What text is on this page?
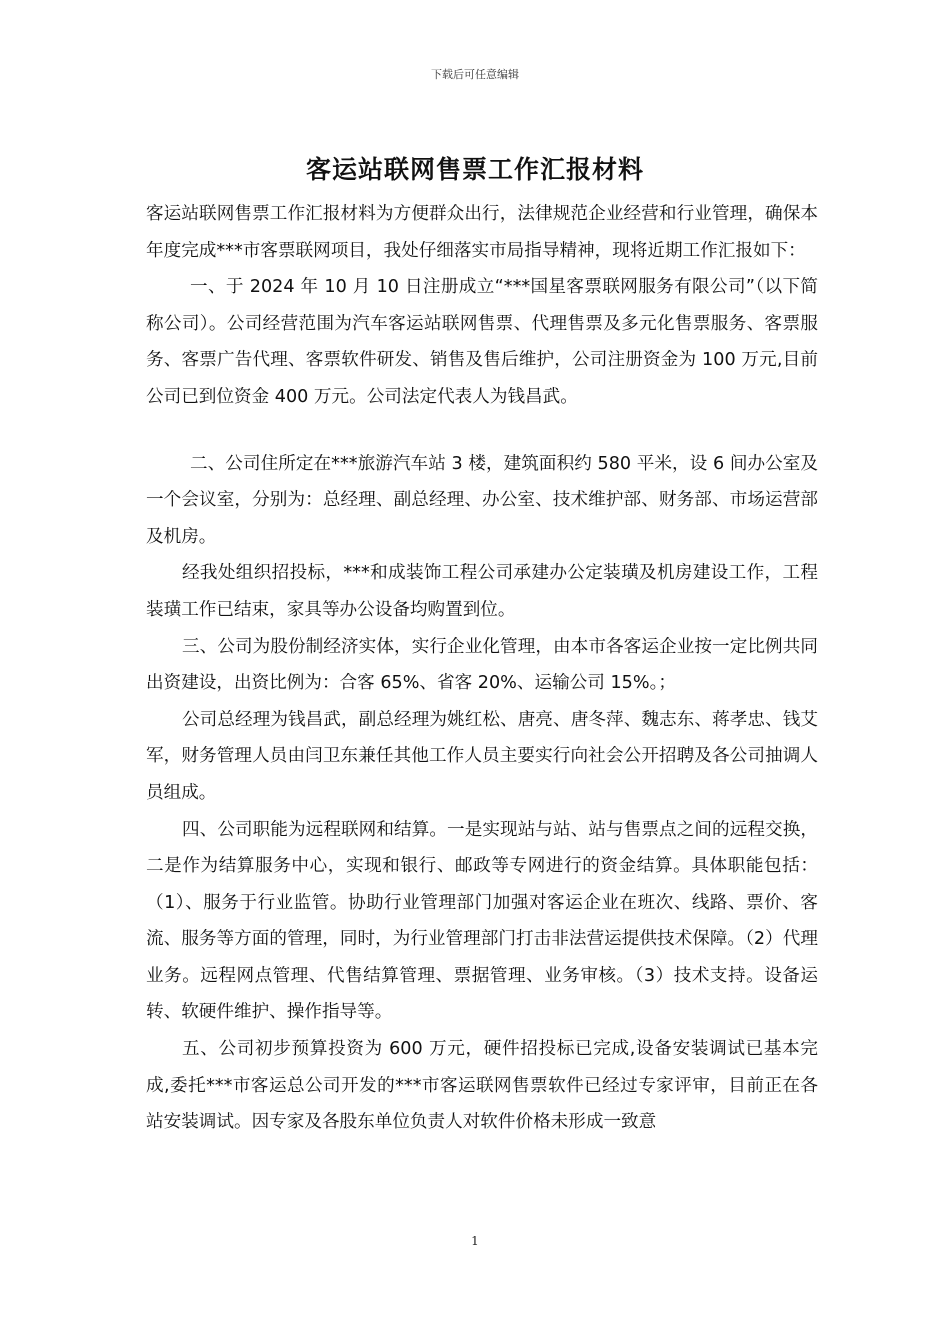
下载后可任意编辑
客运站联网售票工作汇报材料

客运站联网售票工作汇报材料为方便群众出行，法律规范企业经营和行业管理，确保本年度完成***市客票联网项目，我处仔细落实市局指导精神，现将近期工作汇报如下：

一、于 2024 年 10 月 10 日注册成立“***国星客票联网服务有限公司”（以下简称公司）。公司经营范围为汽车客运站联网售票、代理售票及多元化售票服务、客票服务、客票广告代理、客票软件研发、销售及售后维护，公司注册资金为 100 万元,目前公司已到位资金 400 万元。公司法定代表人为钱昌武。

二、公司住所定在***旅游汽车站 3 楼，建筑面积约 580 平米，设 6 间办公室及一个会议室，分别为：总经理、副总经理、办公室、技术维护部、财务部、市场运营部及机房。

经我处组织招投标，***和成装饰工程公司承建办公定装璜及机房建设工作，工程装璜工作已结束，家具等办公设备均购置到位。

三、公司为股份制经济实体，实行企业化管理，由本市各客运企业按一定比例共同出资建设，出资比例为：合客 65%、省客 20%、运输公司 15%。；

公司总经理为钱昌武，副总经理为姚红松、唐亮、唐冬萍、魏志东、蒋孝忠、钱艾军，财务管理人员由闫卫东兼任其他工作人员主要实行向社会公开招聘及各公司抽调人员组成。

四、公司职能为远程联网和结算。一是实现站与站、站与售票点之间的远程交换，二是作为结算服务中心，实现和银行、邮政等专网进行的资金结算。具体职能包括：（1）、服务于行业监管。协助行业管理部门加强对客运企业在班次、线路、票价、客流、服务等方面的管理，同时，为行业管理部门打击非法营运提供技术保障。（2）代理业务。远程网点管理、代售结算管理、票据管理、业务审核。（3）技术支持。设备运转、软硬件维护、操作指导等。

五、公司初步预算投资为 600 万元，硬件招投标已完成,设备安装调试已基本完成,委托***市客运总公司开发的***市客运联网售票软件已经过专家评审，目前正在各站安装调试。因专家及各股东单位负责人对软件价格未形成一致意

1
